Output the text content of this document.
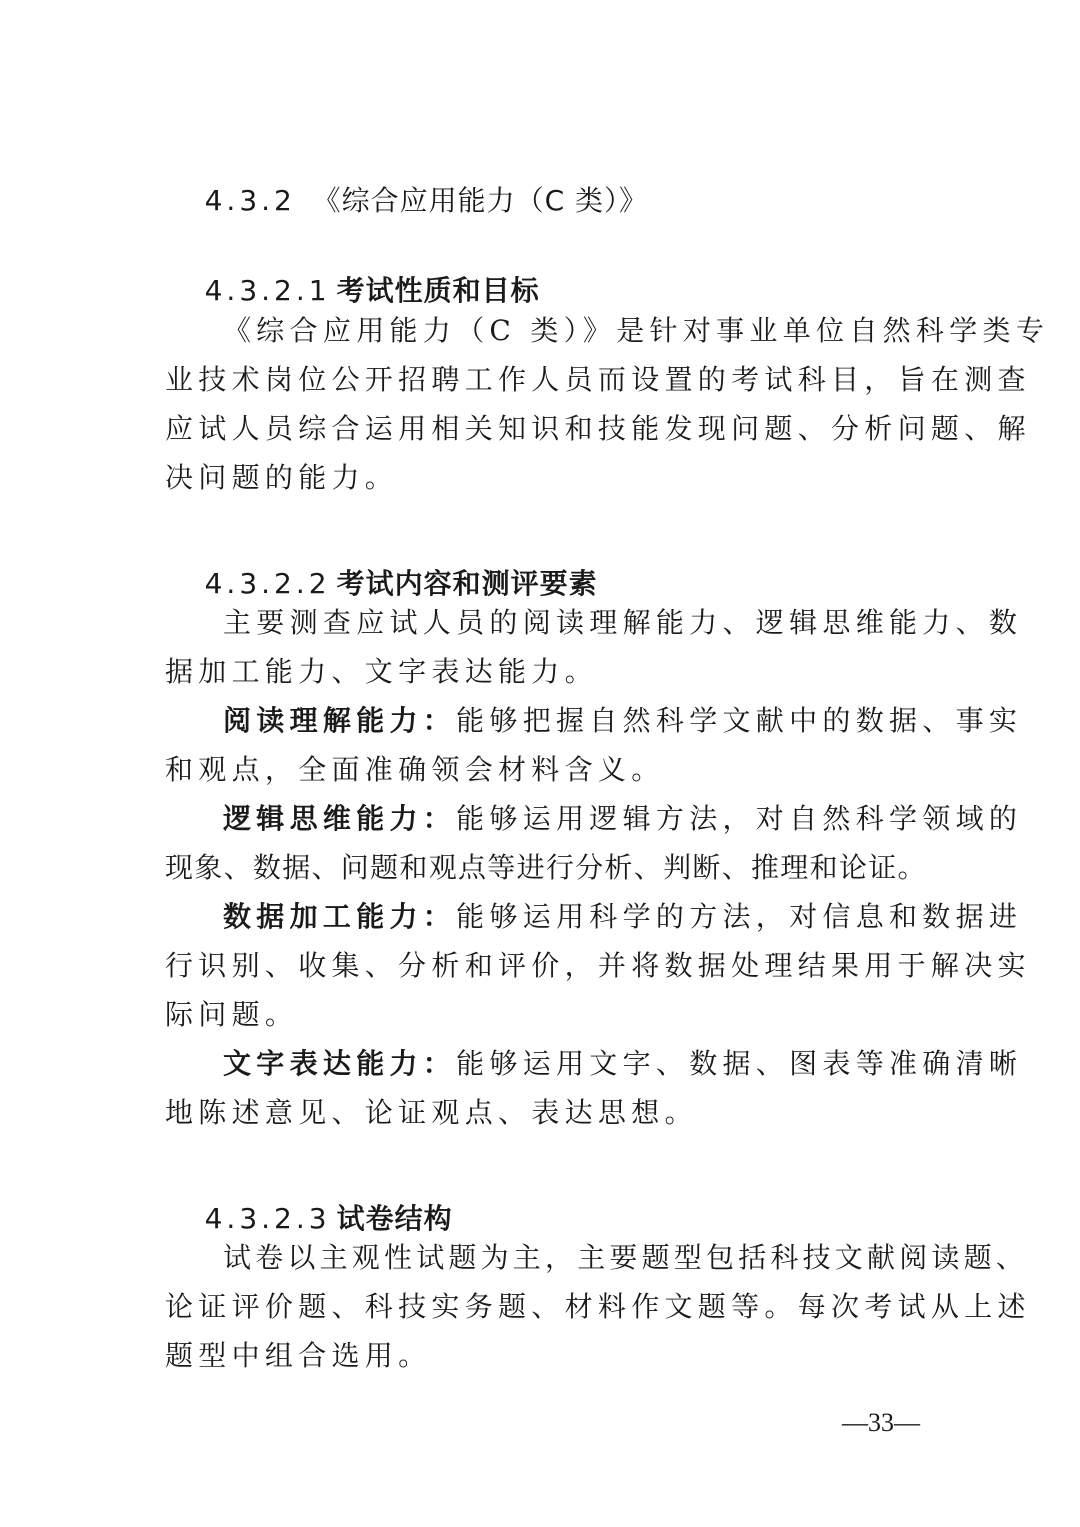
4.3.2 《综合应用能力（C 类）》

4.3.2.1 考试性质和目标

《综合应用能力（C 类）》是针对事业单位自然科学类专

业技术岗位公开招聘工作人员而设置的考试科目，旨在测查

应试人员综合运用相关知识和技能发现问题、分析问题、解

决问题的能力。

4.3.2.2 考试内容和测评要素

主要测查应试人员的阅读理解能力、逻辑思维能力、数

据加工能力、文字表达能力。

阅读理解能力：能够把握自然科学文献中的数据、事实

和观点，全面准确领会材料含义。

逻辑思维能力：能够运用逻辑方法，对自然科学领域的

现象、数据、问题和观点等进行分析、判断、推理和论证。

数据加工能力：能够运用科学的方法，对信息和数据进

行识别、收集、分析和评价，并将数据处理结果用于解决实

际问题。

文字表达能力：能够运用文字、数据、图表等准确清晰

地陈述意见、论证观点、表达思想。

4.3.2.3 试卷结构

试卷以主观性试题为主，主要题型包括科技文献阅读题、

论证评价题、科技实务题、材料作文题等。每次考试从上述

题型中组合选用。

—33—
